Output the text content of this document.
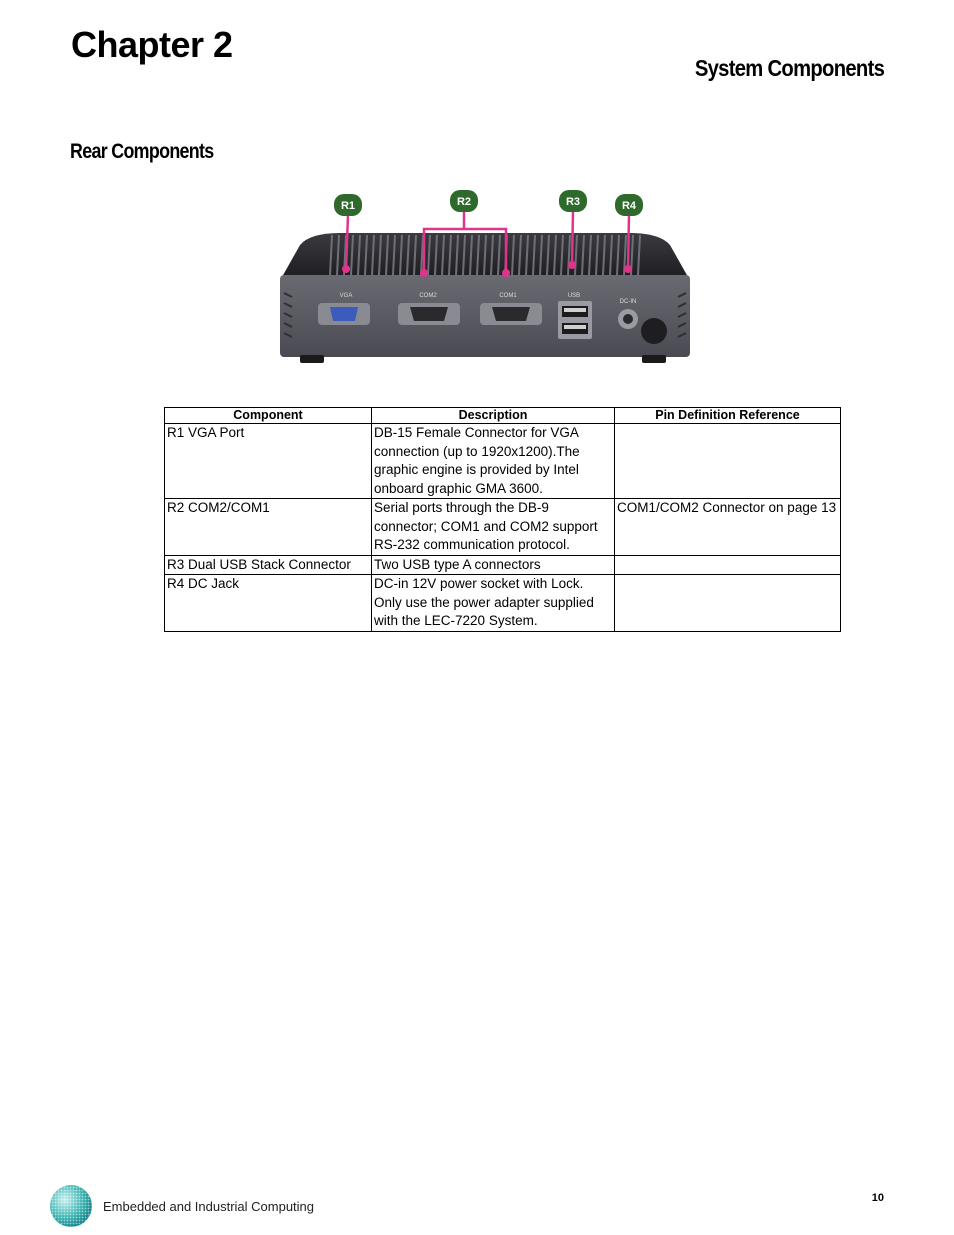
Chapter 2
System Components
Rear Components
VGA	COM2	COM1	USB
DC-IN
R1	R2	R3	R4
Component	Description	Pin Definition Reference
R1 VGA Port	DB-15 Female Connector for VGA connection (up to 1920x1200).The graphic engine is provided by Intel onboard graphic GMA 3600.	
R2 COM2/COM1	Serial ports through the DB-9 connector; COM1 and COM2 support RS-232 communication protocol.	COM1/COM2 Connector on page 13
R3 Dual USB Stack Connector	Two USB type A connectors	
R4 DC Jack	DC-in 12V power socket with Lock. Only use the power adapter supplied with the LEC-7220 System.	
Embedded and Industrial Computing
10
